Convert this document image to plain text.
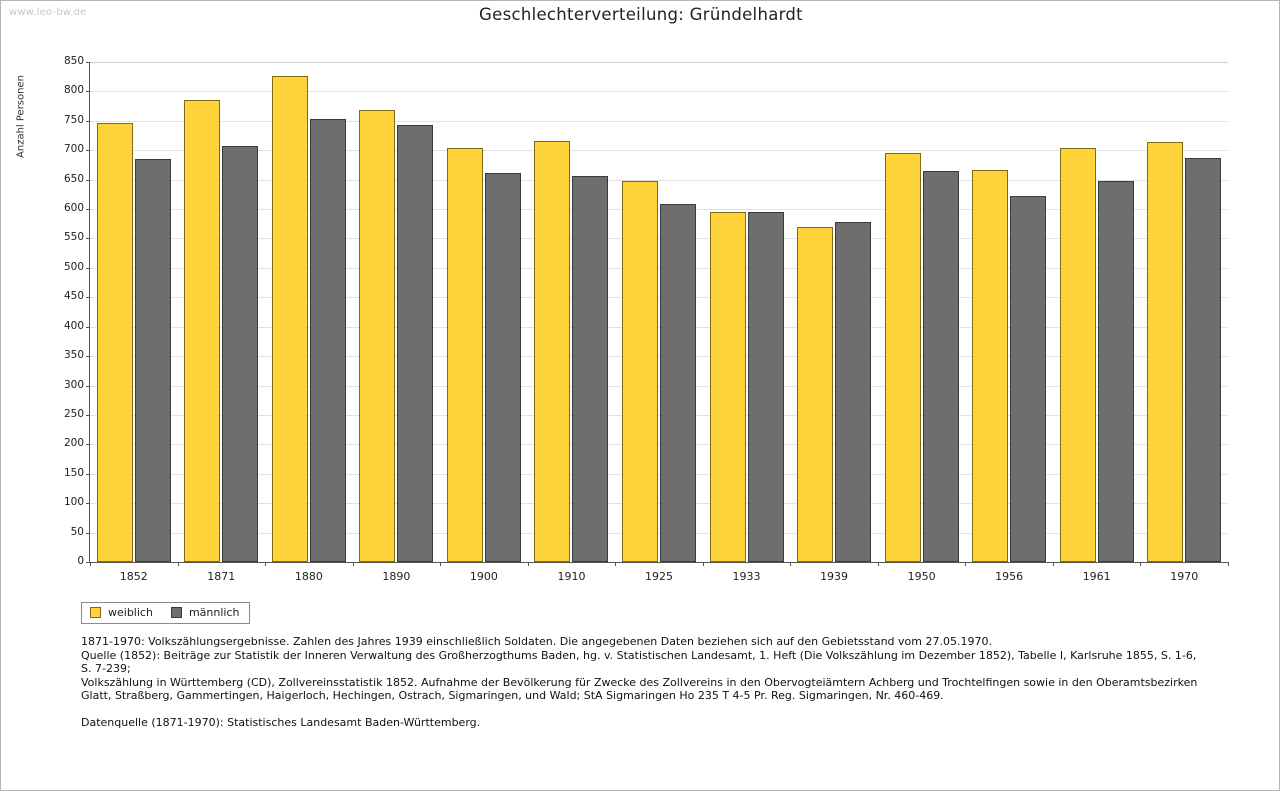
www.leo-bw.de	Geschlechterverteilung: Gründelhardt
Anzahl Personen
0
50
100
150
200
250
300
350
400
450
500
550
600
650
700
750
800
850
1852	1871	1880	1890	1900	1910	1925	1933	1939	1950	1956	1961	1970
weiblich	männlich

1871-1970: Volkszählungsergebnisse. Zahlen des Jahres 1939 einschließlich Soldaten. Die angegebenen Daten beziehen sich auf den Gebietsstand vom 27.05.1970.

Quelle (1852): Beiträge zur Statistik der Inneren Verwaltung des Großherzogthums Baden, hg. v. Statistischen Landesamt, 1. Heft (Die Volkszählung im Dezember 1852), Tabelle I, Karlsruhe 1855, S. 1-6, S. 7-239;

Volkszählung in Württemberg (CD), Zollvereinsstatistik 1852. Aufnahme der Bevölkerung für Zwecke des Zollvereins in den Obervogteiämtern Achberg und Trochtelfingen sowie in den Oberamtsbezirken Glatt, Straßberg, Gammertingen, Haigerloch, Hechingen, Ostrach, Sigmaringen, und Wald; StA Sigmaringen Ho 235 T 4-5 Pr. Reg. Sigmaringen, Nr. 460-469.

Datenquelle (1871-1970): Statistisches Landesamt Baden-Württemberg.
